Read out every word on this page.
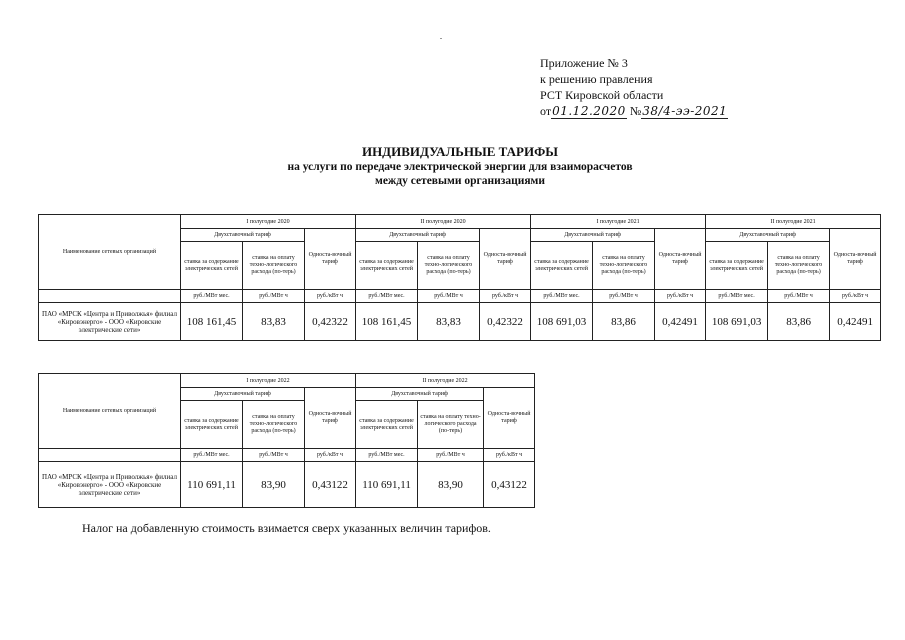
Приложение № 3
к решению правления
РСТ Кировской области
от01.12.2020 №38/4-ээ-2021
ИНДИВИДУАЛЬНЫЕ ТАРИФЫ
на услуги по передаче электрической энергии для взаиморасчетов
между сетевыми организациями
Наименование сетевых организаций	I полугодие 2020			II полугодие 2020			I полугодие 2021			II полугодие 2021		
	Двухставочный тариф		Односта-вочный тариф	Двухставочный тариф		Односта-вочный тариф	Двухставочный тариф		Односта-вочный тариф	Двухставочный тариф		Односта-вочный тариф
	ставка за содержание электрических сетей	ставка на оплату техно-логического расхода (по-терь)		ставка за содержание электрических сетей	ставка на оплату техно-логического расхода (по-терь)		ставка за содержание электрических сетей	ставка на оплату техно-логического расхода (по-терь)		ставка за содержание электрических сетей	ставка на оплату техно-логического расхода (по-терь)	
	руб./МВт мес.	руб./МВт ч	руб./кВт ч	руб./МВт мес.	руб./МВт ч	руб./кВт ч	руб./МВт мес.	руб./МВт ч	руб./кВт ч	руб./МВт мес.	руб./МВт ч	руб./кВт ч
ПАО «МРСК «Центра и Приволжья» филиал «Кировэнерго» - ООО «Кировские электрические сети»	108 161,45	83,83	0,42322	108 161,45	83,83	0,42322	108 691,03	83,86	0,42491	108 691,03	83,86	0,42491
Наименование сетевых организаций	I полугодие 2022			II полугодие 2022		
	Двухставочный тариф		Односта-вочный тариф	Двухставочный тариф		Односта-вочный тариф
	ставка за содержание электрических сетей	ставка на оплату техно-логического расхода (по-терь)		ставка за содержание электрических сетей	ставка на оплату техно-логического расхода (по-терь)	
	руб./МВт мес.	руб./МВт ч	руб./кВт ч	руб./МВт мес.	руб./МВт ч	руб./кВт ч
ПАО «МРСК «Центра и Приволжья» филиал «Кировэнерго» - ООО «Кировские электрические сети»	110 691,11	83,90	0,43122	110 691,11	83,90	0,43122
Налог на добавленную стоимость взимается сверх указанных величин тарифов.
